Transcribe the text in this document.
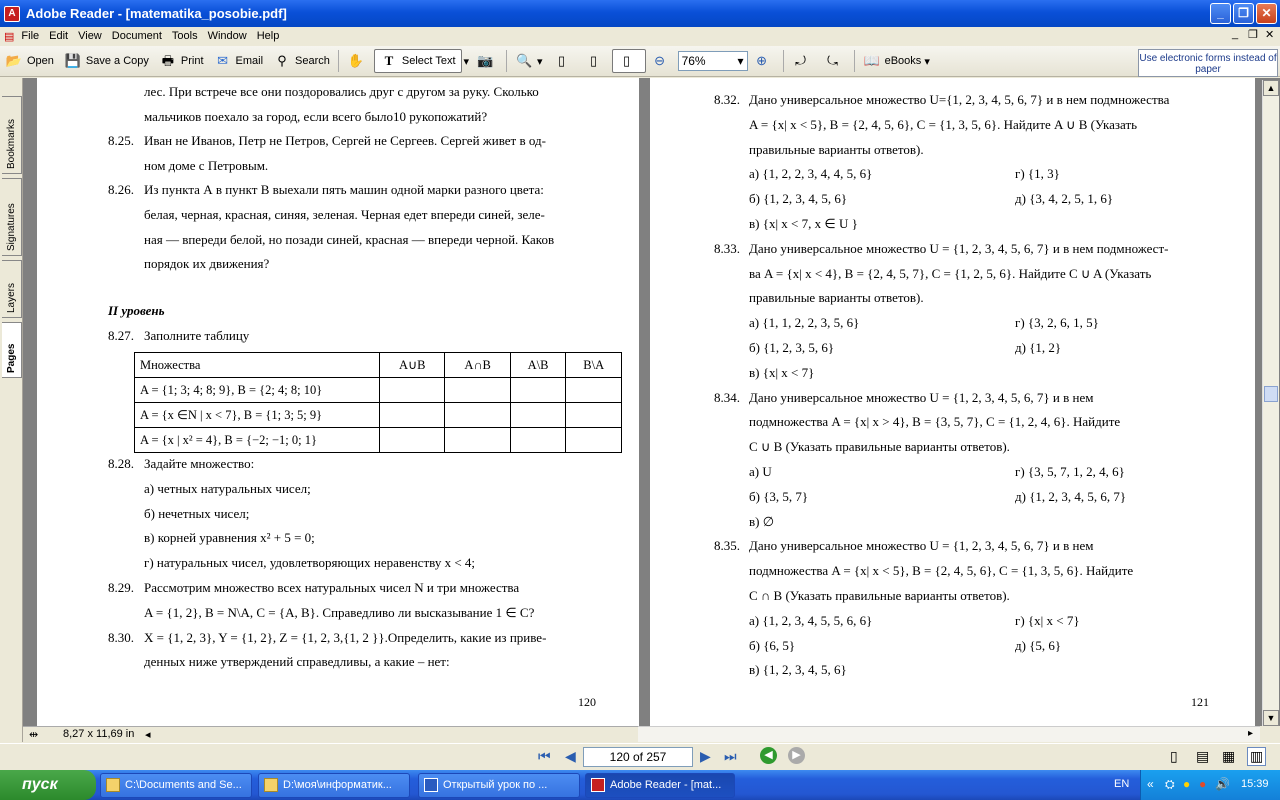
A Adobe Reader - [matematika_posobie.pdf]	_	❐	✕
▤ File Edit View Document Tools Window Help	_ ❐ ✕
📂 Open 💾 Save a Copy 🖶 Print ✉ Email	⚲ Search ✋	T Select Text ▾ 📷 🔍 ▾	▯	▯	▯	⊖	76%	▾ ⊕ ⤾ ⤿ 📖 eBooks ▾	Use electronic forms instead of paper
Bookmarks
Signatures
Layers
Pages
лес. При встрече все они поздоровались друг с другом за руку. Сколько
мальчиков поехало за город, если всего было10 рукопожатий?
8.25. Иван не Иванов, Петр не Петров, Сергей не Сергеев. Сергей живет в од-
ном доме с Петровым.
8.26. Из пункта А в пункт В выехали пять машин одной марки разного цвета:
белая, черная, красная, синяя, зеленая. Черная едет впереди синей, зеле-
ная — впереди белой, но позади синей, красная — впереди черной. Каков
порядок их движения?
II уровень
8.27. Заполните таблицу
8.28. Задайте множество:
а) четных натуральных чисел;
б) нечетных чисел;
в) корней уравнения x² + 5 = 0;
г) натуральных чисел, удовлетворяющих неравенству x < 4;
8.29. Рассмотрим множество всех натуральных чисел N и три множества
A = {1, 2}, B = N\A, C = {A, B}. Справедливо ли высказывание 1 ∈ C?
8.30. X = {1, 2, 3}, Y = {1, 2}, Z = {1, 2, 3,{1, 2 }}.Определить, какие из приве-
денных ниже утверждений справедливы, а какие – нет:
Множества	A∪B	A∩B	A\B	B\A
A = {1; 3; 4; 8; 9}, B = {2; 4; 8; 10}				
A = {x ∈N | x < 7}, B = {1; 3; 5; 9}				
A = {x | x² = 4}, B = {−2; −1; 0; 1}				
120
8.32. Дано универсальное множество U={1, 2, 3, 4, 5, 6, 7} и в нем подмножества
A = {x| x < 5}, B = {2, 4, 5, 6}, C = {1, 3, 5, 6}. Найдите A ∪ B (Указать
правильные варианты ответов).
а) {1, 2, 2, 3, 4, 4, 5, 6}	г) {1, 3}
б) {1, 2, 3, 4, 5, 6}	д) {3, 4, 2, 5, 1, 6}
в) {x| x < 7, x ∈ U }
8.33. Дано универсальное множество U = {1, 2, 3, 4, 5, 6, 7} и в нем подмножест-
ва A = {x| x < 4}, B = {2, 4, 5, 7}, C = {1, 2, 5, 6}. Найдите C ∪ A (Указать
правильные варианты ответов).
а) {1, 1, 2, 2, 3, 5, 6}	г) {3, 2, 6, 1, 5}
б) {1, 2, 3, 5, 6}	д) {1, 2}
в) {x| x < 7}
8.34. Дано универсальное множество U = {1, 2, 3, 4, 5, 6, 7} и в нем
подмножества A = {x| x > 4}, B = {3, 5, 7}, C = {1, 2, 4, 6}. Найдите
C ∪ B (Указать правильные варианты ответов).
а) U	г) {3, 5, 7, 1, 2, 4, 6}
б) {3, 5, 7}	д) {1, 2, 3, 4, 5, 6, 7}
в) ∅
8.35. Дано универсальное множество U = {1, 2, 3, 4, 5, 6, 7} и в нем
подмножества A = {x| x < 5}, B = {2, 4, 5, 6}, C = {1, 3, 5, 6}. Найдите
C ∩ B (Указать правильные варианты ответов).
а) {1, 2, 3, 4, 5, 5, 6, 6}	г) {x| x < 7}
б) {6, 5}	д) {5, 6}
в) {1, 2, 3, 4, 5, 6}
121
▲
▼
⇹ 8,27 x 11,69 in ◂	▸
⏮ ◀	120 of 257	▶ ⏭	◀	▶	▯ ▤ ▦ ▥
пуск	C:\Documents and Se...	D:\моя\информатик...	Открытый урок по ...	Adobe Reader - [mat...	EN « ⛭ ● ● 🔊 15:39
